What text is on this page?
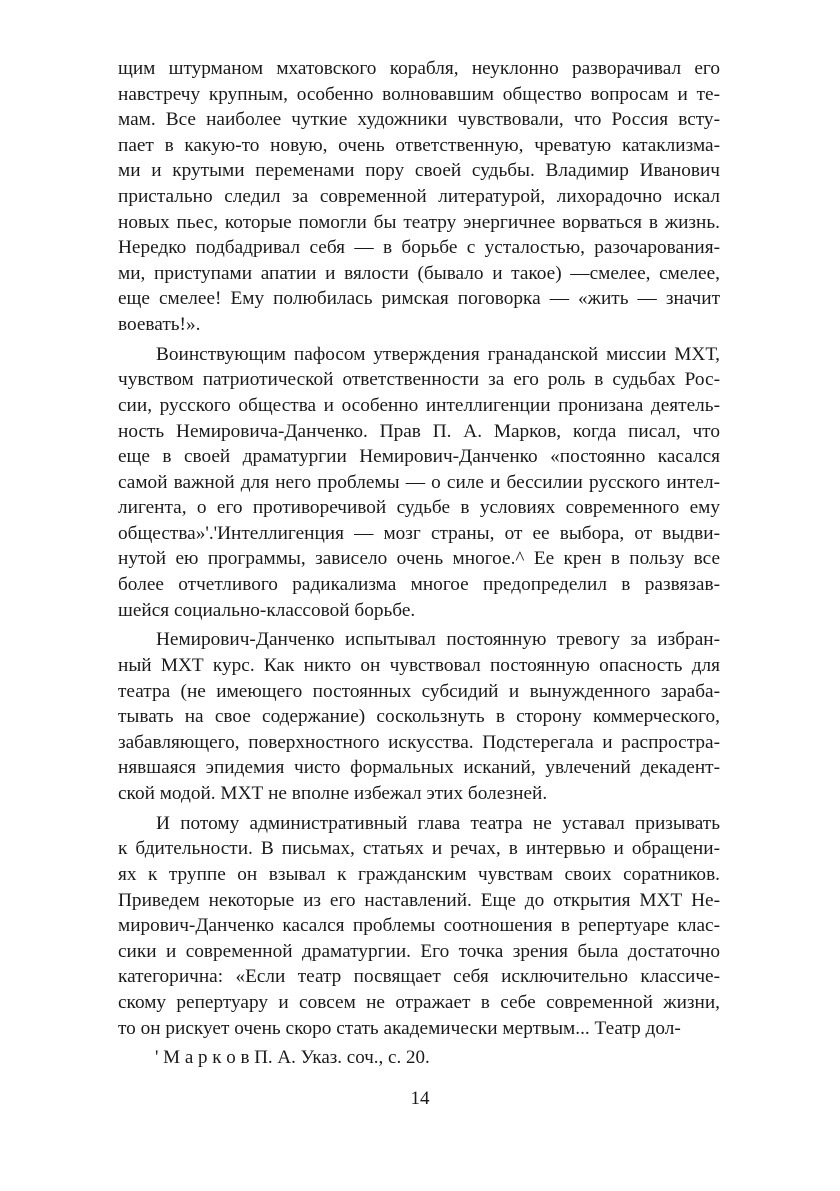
щим штурманом мхатовского корабля, неуклонно разворачивал его
навстречу крупным, особенно волновавшим общество вопросам и те-
мам. Все наиболее чуткие художники чувствовали, что Россия всту-
пает в какую-то новую, очень ответственную, чреватую катаклизма-
ми и крутыми переменами пору своей судьбы. Владимир Иванович
пристально следил за современной литературой, лихорадочно искал
новых пьес, которые помогли бы театру энергичнее ворваться в жизнь.
Нередко подбадривал себя — в борьбе с усталостью, разочарования-
ми, приступами апатии и вялости (бывало и такое) —смелее, смелее,
еще смелее! Ему полюбилась римская поговорка — «жить — значит
воевать!».
Воинствующим пафосом утверждения гранаданской миссии МХТ,
чувством патриотической ответственности за его роль в судьбах Рос-
сии, русского общества и особенно интеллигенции пронизана деятель-
ность Немировича-Данченко. Прав П. А. Марков, когда писал, что
еще в своей драматургии Немирович-Данченко «постоянно касался
самой важной для него проблемы — о силе и бессилии русского интел-
лигента, о его противоречивой судьбе в условиях современного ему
общества»'.'Интеллигенция — мозг страны, от ее выбора, от выдви-
нутой ею программы, зависело очень многое.^ Ее крен в пользу все
более отчетливого радикализма многое предопределил в развязав-
шейся социально-классовой борьбе.
Немирович-Данченко испытывал постоянную тревогу за избран-
ный МХТ курс. Как никто он чувствовал постоянную опасность для
театра (не имеющего постоянных субсидий и вынужденного зараба-
тывать на свое содержание) соскользнуть в сторону коммерческого,
забавляющего, поверхностного искусства. Подстерегала и распростра-
нявшаяся эпидемия чисто формальных исканий, увлечений декадент-
ской модой. МХТ не вполне избежал этих болезней.
И потому административный глава театра не уставал призывать
к бдительности. В письмах, статьях и речах, в интервью и обращени-
ях к труппе он взывал к гражданским чувствам своих соратников.
Приведем некоторые из его наставлений. Еще до открытия МХТ Не-
мирович-Данченко касался проблемы соотношения в репертуаре клас-
сики и современной драматургии. Его точка зрения была достаточно
категорична: «Если театр посвящает себя исключительно классиче-
скому репертуару и совсем не отражает в себе современной жизни,
то он рискует очень скоро стать академически мертвым... Театр дол-
' М а р к о в П. А. Указ. соч., с. 20.
14
